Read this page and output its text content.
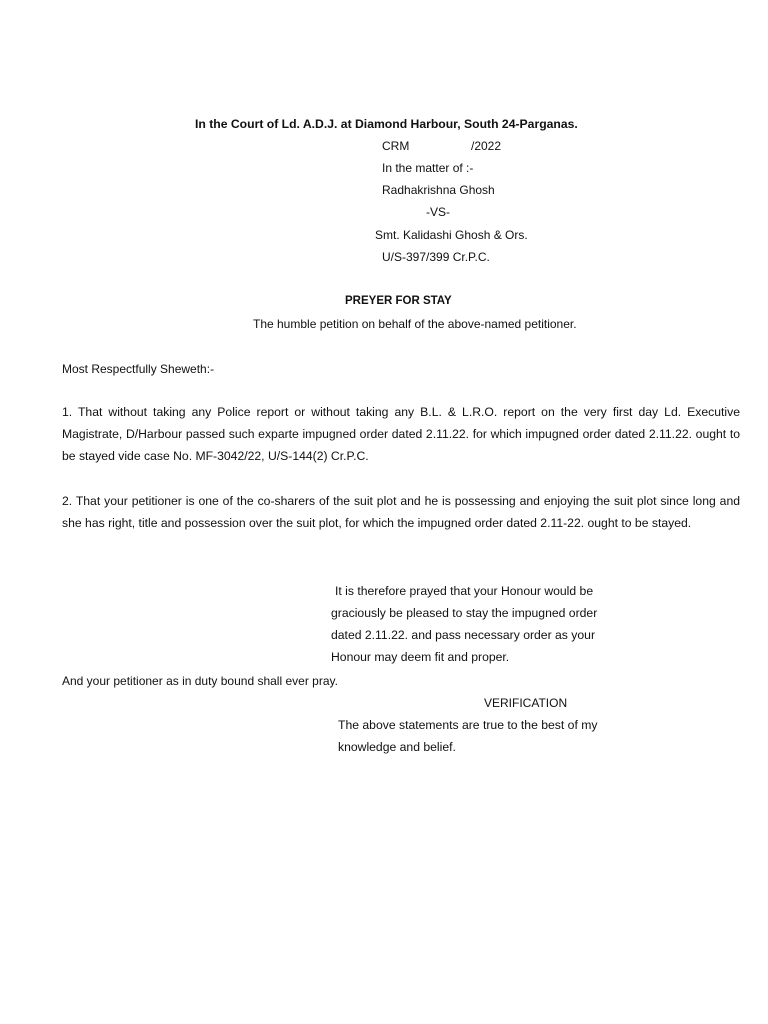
In the Court of Ld. A.D.J. at Diamond Harbour, South 24-Parganas.
CRM	/2022
In the matter of :-
Radhakrishna Ghosh
-VS-
Smt. Kalidashi Ghosh & Ors.
U/S-397/399 Cr.P.C.
PREYER FOR STAY
The humble petition on behalf of the above-named petitioner.
Most Respectfully Sheweth:-
1. That without taking any Police report or without taking any B.L. & L.R.O. report on the very first day Ld. Executive Magistrate, D/Harbour passed such exparte impugned order dated 2.11.22. for which impugned order dated 2.11.22. ought to be stayed vide case No. MF-3042/22, U/S-144(2) Cr.P.C.
2. That your petitioner is one of the co-sharers of the suit plot and he is possessing and enjoying the suit plot since long and she has right, title and possession over the suit plot, for which the impugned order dated 2.11-22. ought to be stayed.
It is therefore prayed that your Honour would be
graciously be pleased to stay the impugned order
dated 2.11.22. and pass necessary order as your
Honour may deem fit and proper.
And your petitioner as in duty bound shall ever pray.
VERIFICATION
The above statements are true to the best of my
knowledge and belief.
